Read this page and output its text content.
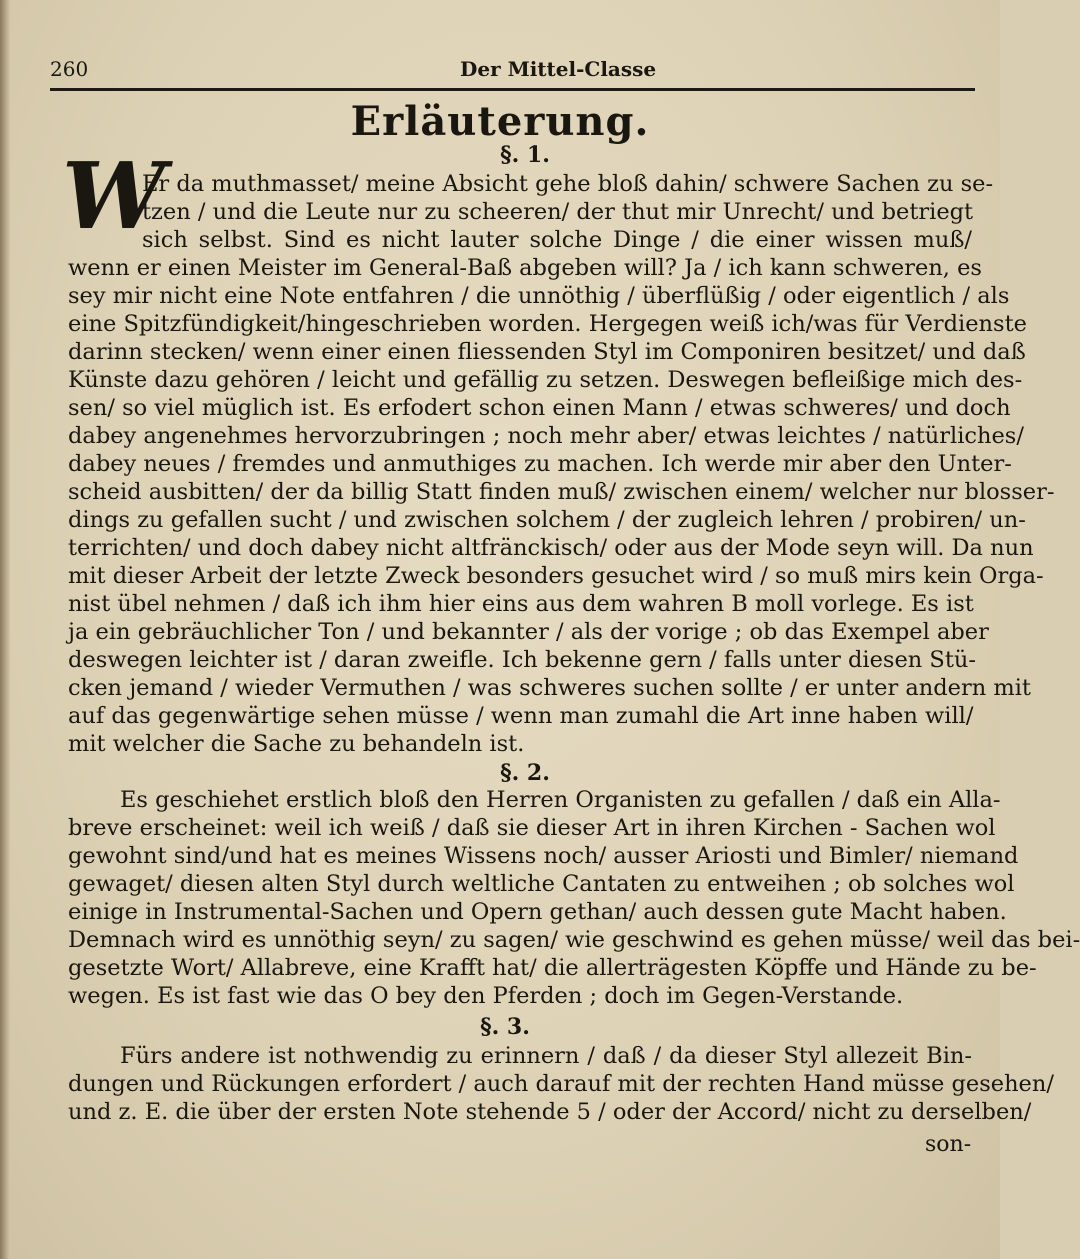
260	Der Mittel-Classe
Erläuterung.
§. 1.
W
Er da muthmasset/ meine Absicht gehe bloß dahin/ schwere Sachen zu se-
tzen / und die Leute nur zu scheeren/ der thut mir Unrecht/ und betriegt
sich selbst. Sind es nicht lauter solche Dinge / die einer wissen muß/
wenn er einen Meister im General-Baß abgeben will? Ja / ich kann schweren, es
sey mir nicht eine Note entfahren / die unnöthig / überflüßig / oder eigentlich / als
eine Spitzfündigkeit/hingeschrieben worden. Hergegen weiß ich/was für Verdienste
darinn stecken/ wenn einer einen fliessenden Styl im Componiren besitzet/ und daß
Künste dazu gehören / leicht und gefällig zu setzen. Deswegen befleißige mich des-
sen/ so viel müglich ist. Es erfodert schon einen Mann / etwas schweres/ und doch
dabey angenehmes hervorzubringen ; noch mehr aber/ etwas leichtes / natürliches/
dabey neues / fremdes und anmuthiges zu machen. Ich werde mir aber den Unter-
scheid ausbitten/ der da billig Statt finden muß/ zwischen einem/ welcher nur blosser-
dings zu gefallen sucht / und zwischen solchem / der zugleich lehren / probiren/ un-
terrichten/ und doch dabey nicht altfränckisch/ oder aus der Mode seyn will. Da nun
mit dieser Arbeit der letzte Zweck besonders gesuchet wird / so muß mirs kein Orga-
nist übel nehmen / daß ich ihm hier eins aus dem wahren B moll vorlege. Es ist
ja ein gebräuchlicher Ton / und bekannter / als der vorige ; ob das Exempel aber
deswegen leichter ist / daran zweifle. Ich bekenne gern / falls unter diesen Stü-
cken jemand / wieder Vermuthen / was schweres suchen sollte / er unter andern mit
auf das gegenwärtige sehen müsse / wenn man zumahl die Art inne haben will/
mit welcher die Sache zu behandeln ist.
§. 2.
Es geschiehet erstlich bloß den Herren Organisten zu gefallen / daß ein Alla-
breve erscheinet: weil ich weiß / daß sie dieser Art in ihren Kirchen - Sachen wol
gewohnt sind/und hat es meines Wissens noch/ ausser Ariosti und Bimler/ niemand
gewaget/ diesen alten Styl durch weltliche Cantaten zu entweihen ; ob solches wol
einige in Instrumental-Sachen und Opern gethan/ auch dessen gute Macht haben.
Demnach wird es unnöthig seyn/ zu sagen/ wie geschwind es gehen müsse/ weil das bei-
gesetzte Wort/ Allabreve, eine Krafft hat/ die allerträgesten Köpffe und Hände zu be-
wegen. Es ist fast wie das O bey den Pferden ; doch im Gegen-Verstande.
§. 3.
Fürs andere ist nothwendig zu erinnern / daß / da dieser Styl allezeit Bin-
dungen und Rückungen erfordert / auch darauf mit der rechten Hand müsse gesehen/
und z. E. die über der ersten Note stehende 5 / oder der Accord/ nicht zu derselben/
son-
